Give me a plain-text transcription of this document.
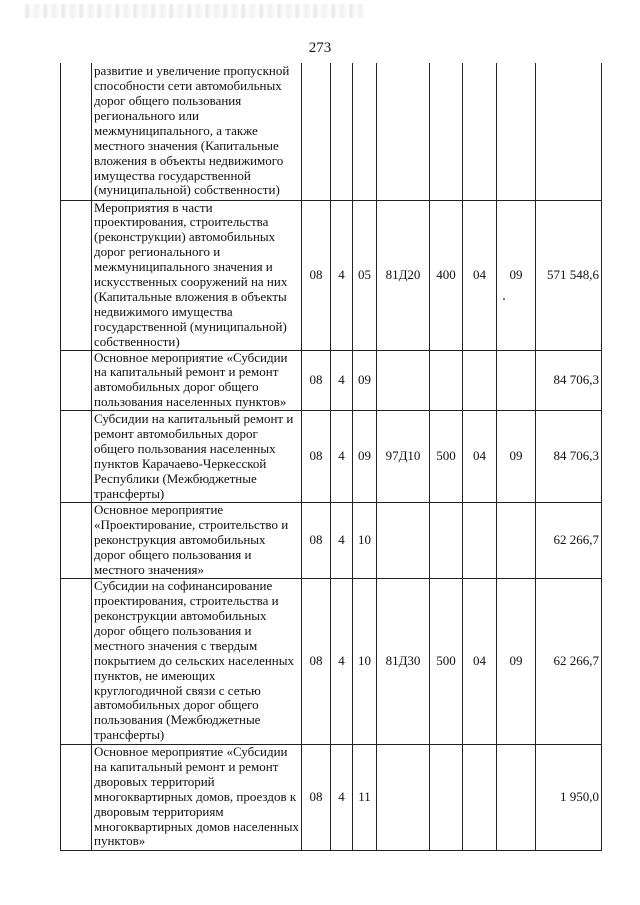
273
	развитие и увеличение пропускной способности сети автомобильных дорог общего пользования регионального или межмуниципального, а также местного значения (Капитальные вложения в объекты недвижимого имущества государственной (муниципальной) собственности)								
	Мероприятия в части проектирования, строительства (реконструкции) автомобильных дорог регионального и межмуниципального значения и искусственных сооружений на них (Капитальные вложения в объекты недвижимого имущества государственной (муниципальной) собственности)	08	4	05	81Д20	400	04	09	571 548,6
	Основное мероприятие «Субсидии на капитальный ремонт и ремонт автомобильных дорог общего пользования населенных пунктов»	08	4	09					84 706,3
	Субсидии на капитальный ремонт и ремонт автомобильных дорог общего пользования населенных пунктов Карачаево-Черкесской Республики (Межбюджетные трансферты)	08	4	09	97Д10	500	04	09	84 706,3
	Основное мероприятие «Проектирование, строительство и реконструкция автомобильных дорог общего пользования и местного значения»	08	4	10					62 266,7
	Субсидии на софинансирование проектирования, строительства и реконструкции автомобильных дорог общего пользования и местного значения с твердым покрытием до сельских населенных пунктов, не имеющих круглогодичной связи с сетью автомобильных дорог общего пользования (Межбюджетные трансферты)	08	4	10	81Д30	500	04	09	62 266,7
	Основное мероприятие «Субсидии на капитальный ремонт и ремонт дворовых территорий многоквартирных домов, проездов к дворовым территориям многоквартирных домов населенных пунктов»	08	4	11					1 950,0
